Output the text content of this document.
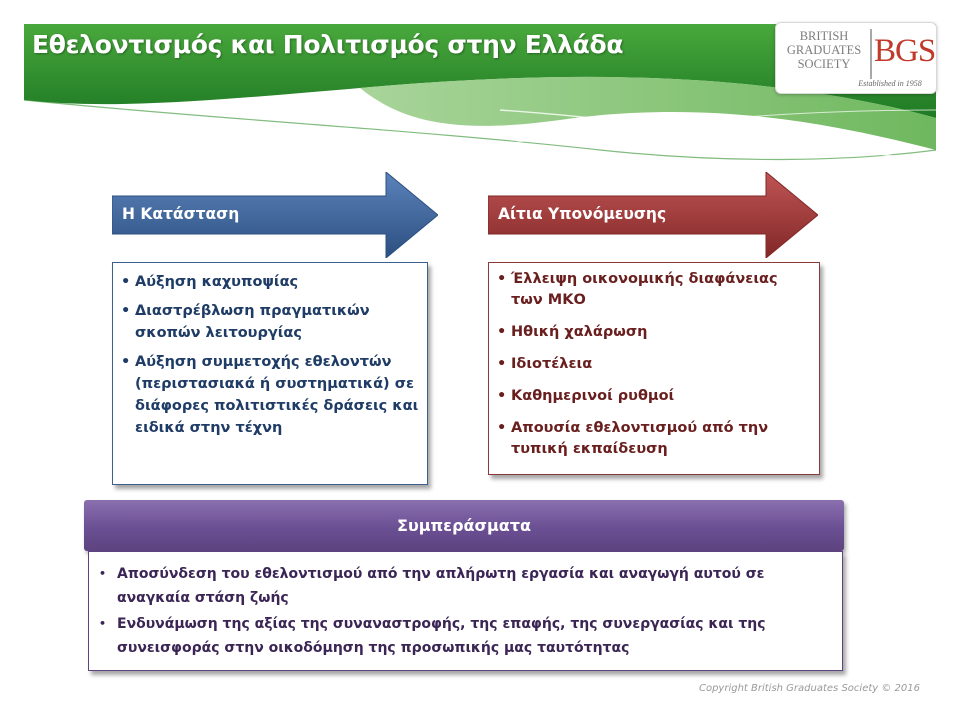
Εθελοντισμός και Πολιτισμός στην Ελλάδα	BRITISH
GRADUATES
SOCIETY BGS
Established in 1958
Η Κατάσταση	Αίτια Υπονόμευσης
• Αύξηση καχυποψίας
• Διαστρέβλωση πραγματικών σκοπών λειτουργίας
• Αύξηση συμμετοχής εθελοντών (περιστασιακά ή συστηματικά) σε διάφορες πολιτιστικές δράσεις και ειδικά στην τέχνη
• Έλλειψη οικονομικής διαφάνειας των ΜΚΟ
• Ηθική χαλάρωση
• Ιδιοτέλεια
• Καθημερινοί ρυθμοί
• Απουσία εθελοντισμού από την τυπική εκπαίδευση
Συμπεράσματα
• Αποσύνδεση του εθελοντισμού από την απλήρωτη εργασία και αναγωγή αυτού σε αναγκαία στάση ζωής
• Ενδυνάμωση της αξίας της συναναστροφής, της επαφής, της συνεργασίας και της συνεισφοράς στην οικοδόμηση της προσωπικής μας ταυτότητας
Copyright British Graduates Society © 2016
